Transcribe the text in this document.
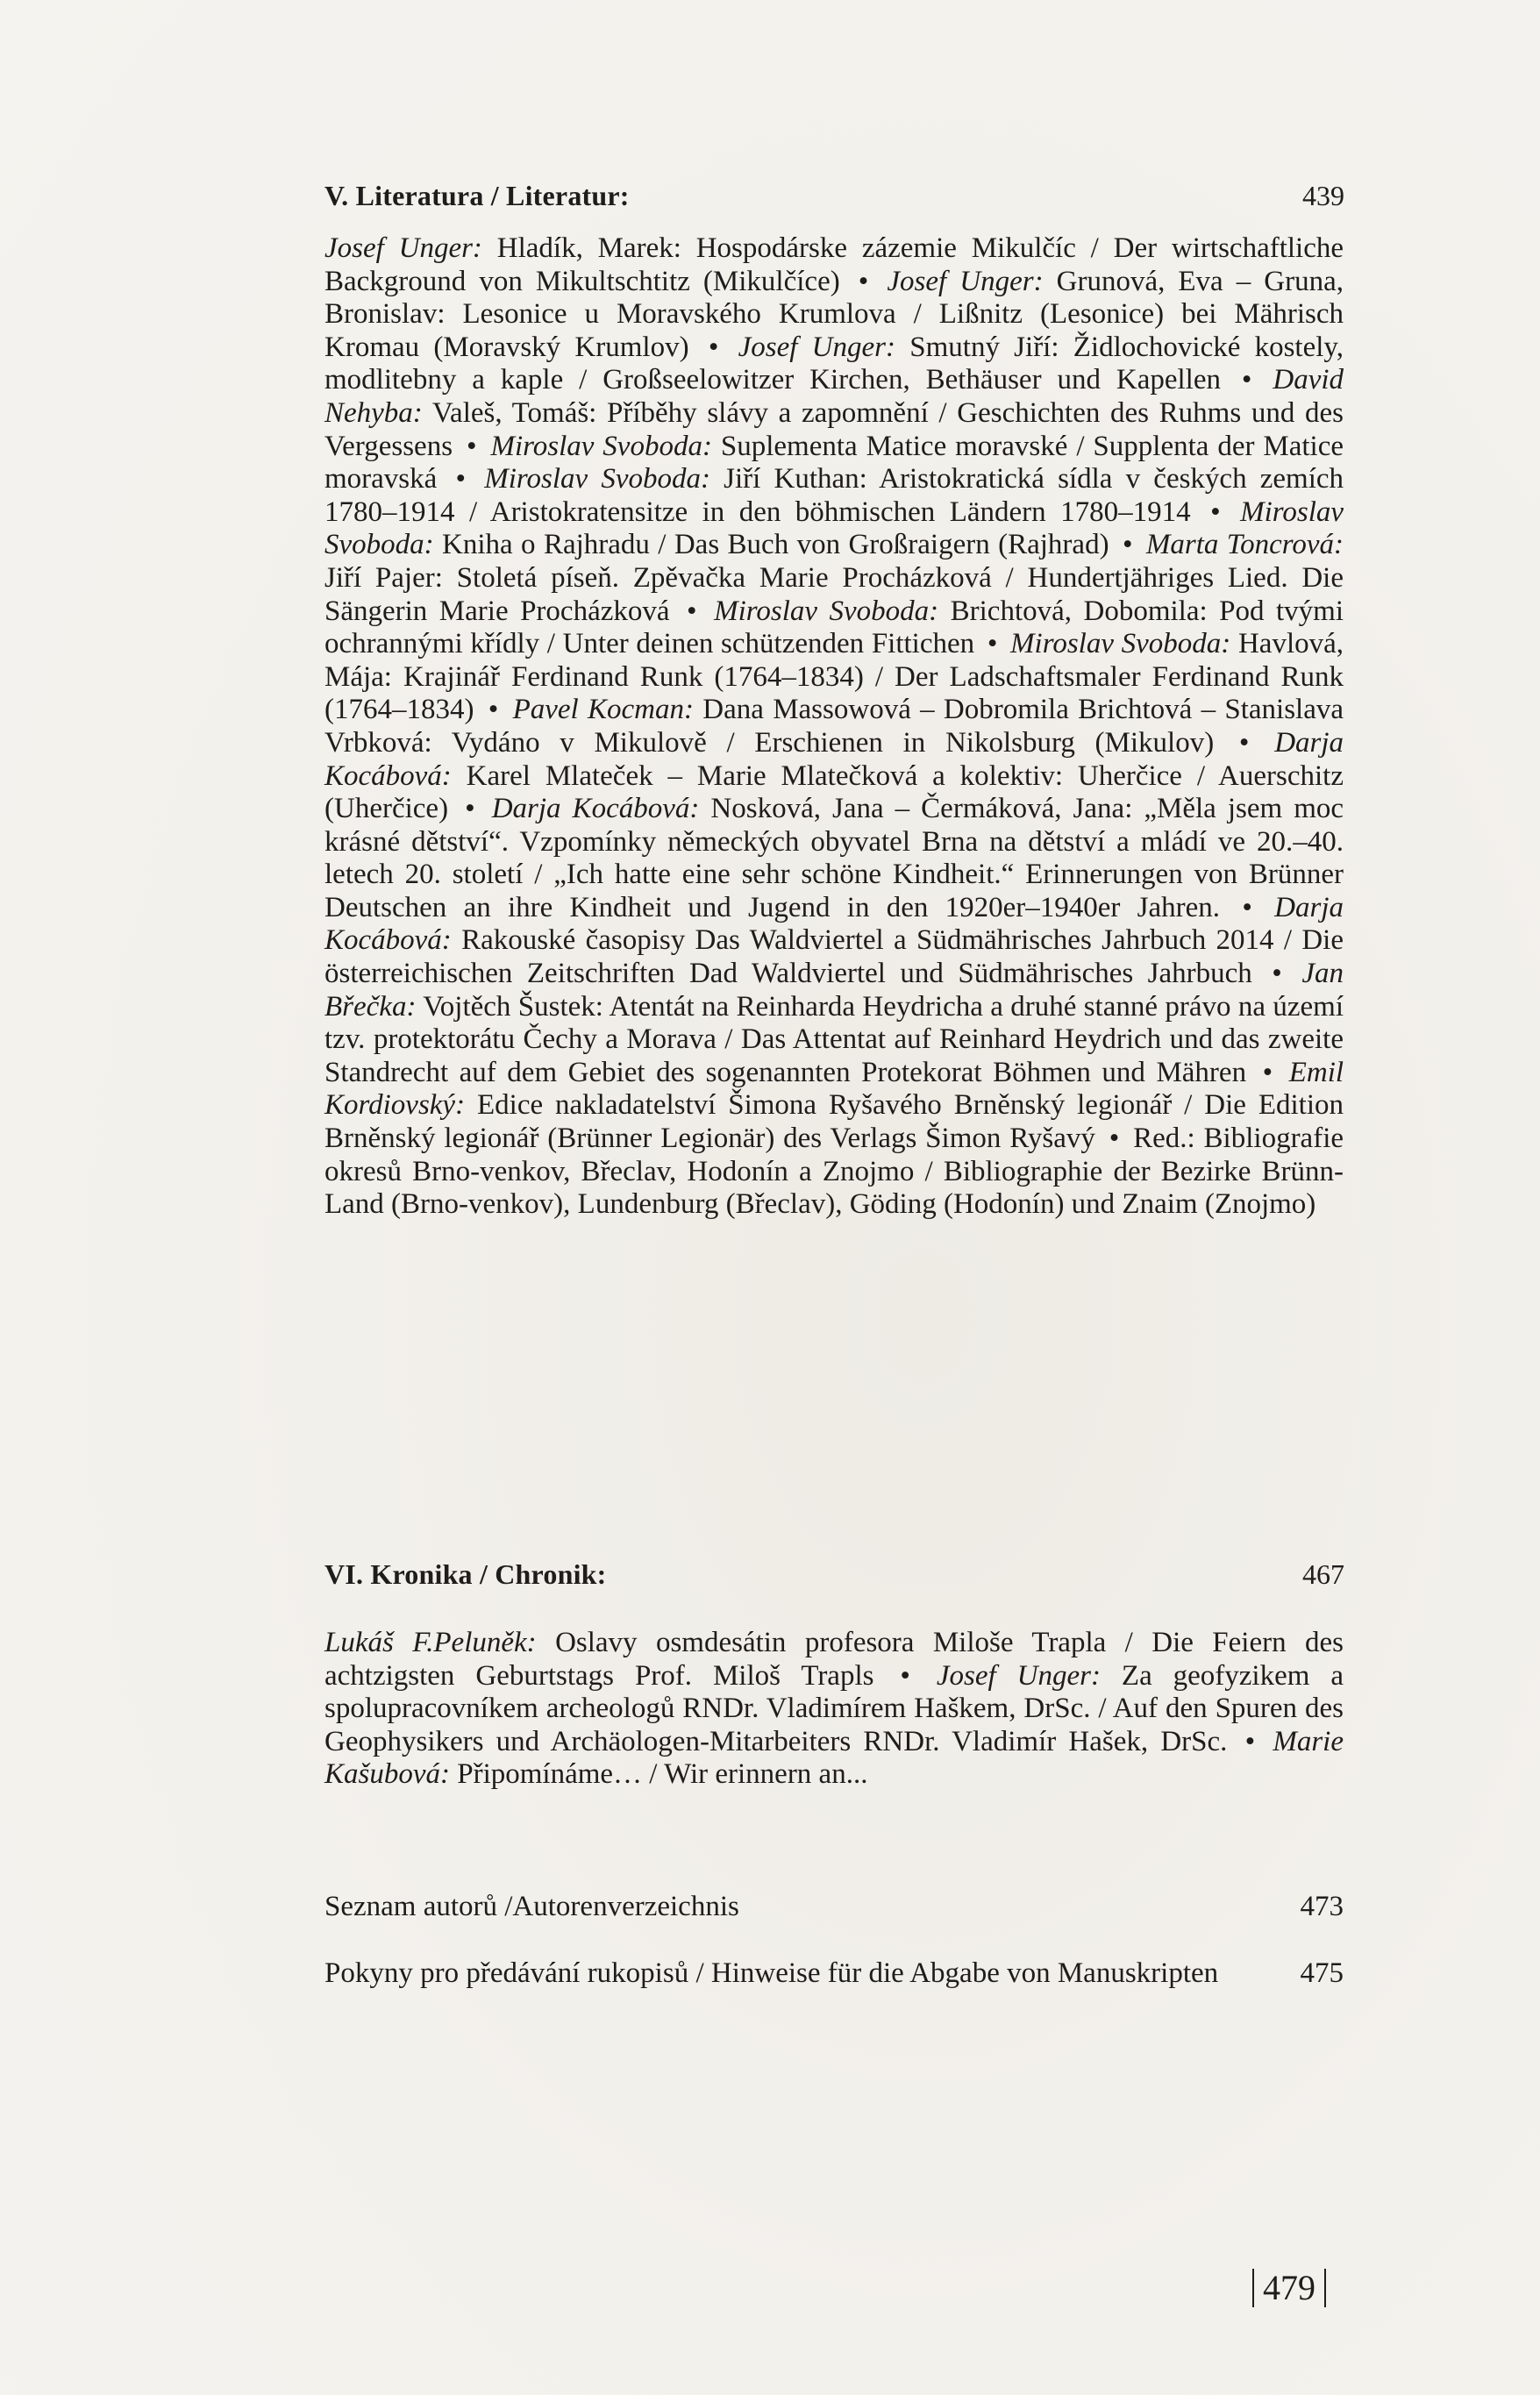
V. Literatura / Literatur:	439

Josef Unger: Hladík, Marek: Hospodárske zázemie Mikulčíc / Der wirtschaftliche Background von Mikultschtitz (Mikulčíce) • Josef Unger: Grunová, Eva – Gruna, Bronislav: Lesonice u Moravského Krumlova / Lißnitz (Lesonice) bei Mährisch Kromau (Moravský Krumlov) • Josef Unger: Smutný Jiří: Židlochovické kostely, modlitebny a kaple / Großseelowitzer Kirchen, Bethäuser und Kapellen • David Nehyba: Valeš, Tomáš: Příběhy slávy a zapomnění / Geschichten des Ruhms und des Vergessens • Miroslav Svoboda: Suplementa Matice moravské / Supplenta der Matice moravská • Miroslav Svoboda: Jiří Kuthan: Aristokratická sídla v českých zemích 1780–1914 / Aristokratensitze in den böhmischen Ländern 1780–1914 • Miroslav Svoboda: Kniha o Rajhradu / Das Buch von Großraigern (Rajhrad) • Marta Toncrová: Jiří Pajer: Stoletá píseň. Zpěvačka Marie Procházková / Hundertjähriges Lied. Die Sängerin Marie Procházková • Miroslav Svoboda: Brichtová, Dobomila: Pod tvými ochrannými křídly / Unter deinen schützenden Fittichen • Miroslav Svoboda: Havlová, Mája: Krajinář Ferdinand Runk (1764–1834) / Der Ladschaftsmaler Ferdinand Runk (1764–1834) • Pavel Kocman: Dana Massowová – Dobromila Brichtová – Stanislava Vrbková: Vydáno v Mikulově / Erschienen in Nikolsburg (Mikulov) • Darja Kocábová: Karel Mlateček – Marie Mlatečková a kolektiv: Uherčice / Auerschitz (Uherčice) • Darja Kocábová: Nosková, Jana – Čermáková, Jana: „Měla jsem moc krásné dětství“. Vzpomínky německých obyvatel Brna na dětství a mládí ve 20.–40. letech 20. století / „Ich hatte eine sehr schöne Kindheit.“ Erinnerungen von Brünner Deutschen an ihre Kindheit und Jugend in den 1920er–1940er Jahren. • Darja Kocábová: Rakouské časopisy Das Waldviertel a Südmährisches Jahrbuch 2014 / Die österreichischen Zeitschriften Dad Waldviertel und Südmährisches Jahrbuch • Jan Břečka: Vojtěch Šustek: Atentát na Reinharda Heydricha a druhé stanné právo na území tzv. protektorátu Čechy a Morava / Das Attentat auf Reinhard Heydrich und das zweite Standrecht auf dem Gebiet des sogenannten Protekorat Böhmen und Mähren • Emil Kordiovský: Edice nakladatelství Šimona Ryšavého Brněnský legionář / Die Edition Brněnský legionář (Brünner Legionär) des Verlags Šimon Ryšavý • Red.: Bibliografie okresů Brno-venkov, Břeclav, Hodonín a Znojmo / Bibliographie der Bezirke Brünn-Land (Brno-venkov), Lundenburg (Břeclav), Göding (Hodonín) und Znaim (Znojmo)

VI. Kronika / Chronik:	467

Lukáš F.Peluněk: Oslavy osmdesátin profesora Miloše Trapla / Die Feiern des achtzigsten Geburtstags Prof. Miloš Trapls • Josef Unger: Za geofyzikem a spolupracovníkem archeologů RNDr. Vladimírem Haškem, DrSc. / Auf den Spuren des Geophysikers und Archäologen-Mitarbeiters RNDr. Vladimír Hašek, DrSc. • Marie Kašubová: Připomínáme… / Wir erinnern an...

Seznam autorů /Autorenverzeichnis	473
Pokyny pro předávání rukopisů / Hinweise für die Abgabe von Manuskripten	475
479
